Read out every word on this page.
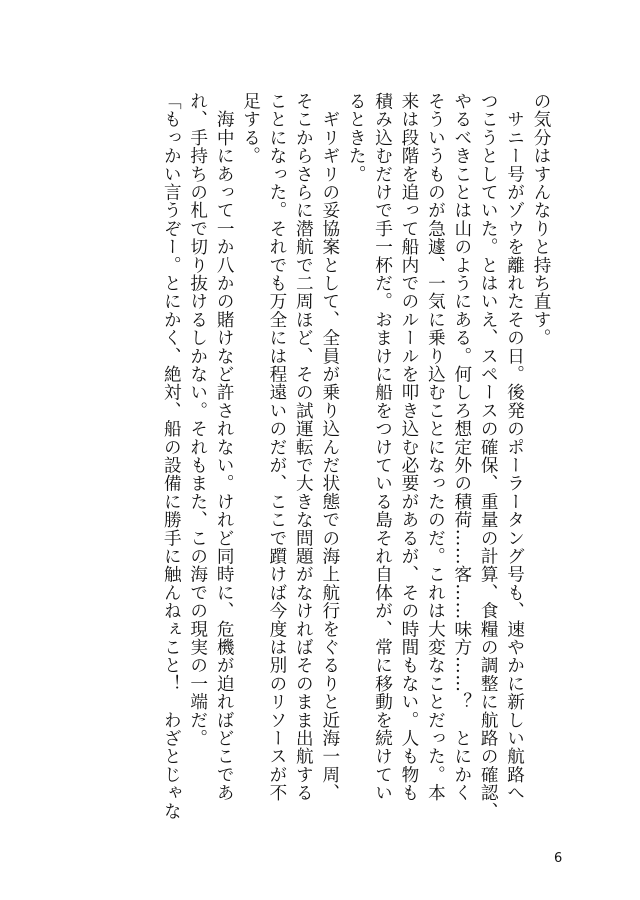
の気分はすんなりと持ち直す。

　サニー号がゾウを離れたその日。後発のポーラータング号も、速やかに新しい航路へ

つこうとしていた。とはいえ、スペースの確保、重量の計算、食糧の調整に航路の確認、

やるべきことは山のようにある。何しろ想定外の積荷……客……味方……？　とにかく

そういうものが急遽、一気に乗り込むことになったのだ。これは大変なことだった。本

来は段階を追って船内でのルールを叩き込む必要があるが、その時間もない。人も物も

積み込むだけで手一杯だ。おまけに船をつけている島それ自体が、常に移動を続けてい

るときた。

　ギリギリの妥協案として、全員が乗り込んだ状態での海上航行をぐるりと近海一周、

そこからさらに潜航で二周ほど、その試運転で大きな問題がなければそのまま出航する

ことになった。それでも万全には程遠いのだが、ここで躓けば今度は別のリソースが不

足する。

　海中にあって一か八かの賭けなど許されない。けれど同時に、危機が迫ればどこであ

れ、手持ちの札で切り抜けるしかない。それもまた、この海での現実の一端だ。

「もっかい言うぞー。とにかく、絶対、船の設備に勝手に触んねぇこと！　わざとじゃな

6
